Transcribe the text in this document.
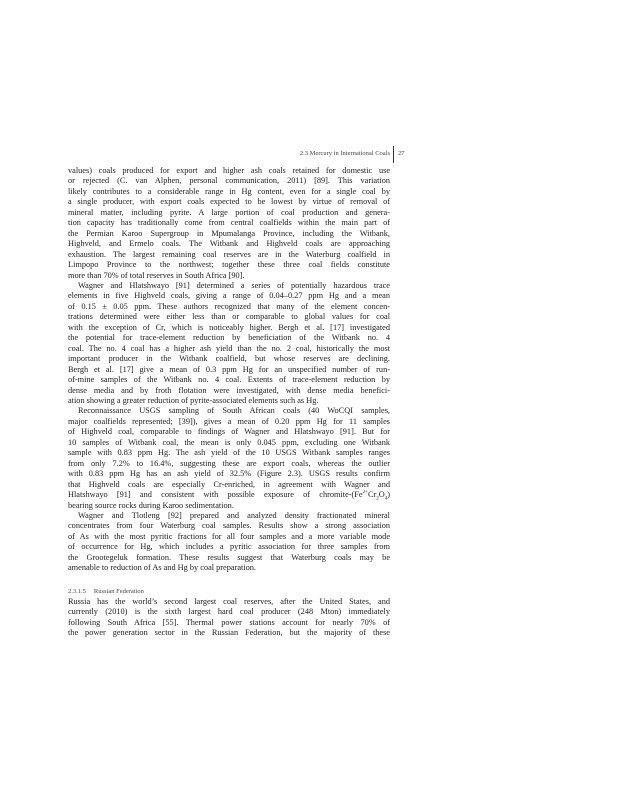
2.3 Mercury in International Coals 27

values) coals produced for export and higher ash coals retained for domestic use

or rejected (C. van Alphen, personal communication, 2011) [89]. This variation

likely contributes to a considerable range in Hg content, even for a single coal by

a single producer, with export coals expected to be lowest by virtue of removal of

mineral matter, including pyrite. A large portion of coal production and genera-

tion capacity has traditionally come from central coalfields within the main part of

the Permian Karoo Supergroup in Mpumalanga Province, including the Witbank,

Highveld, and Ermelo coals. The Witbank and Highveld coals are approaching

exhaustion. The largest remaining coal reserves are in the Waterburg coalfield in

Limpopo Province to the northwest; together these three coal fields constitute

more than 70% of total reserves in South Africa [90].

Wagner and Hlatshwayo [91] determined a series of potentially hazardous trace

elements in five Highveld coals, giving a range of 0.04–0.27 ppm Hg and a mean

of 0.15 ± 0.05 ppm. These authors recognized that many of the element concen-

trations determined were either less than or comparable to global values for coal

with the exception of Cr, which is noticeably higher. Bergh et al. [17] investigated

the potential for trace-element reduction by beneficiation of the Witbank no. 4

coal. The no. 4 coal has a higher ash yield than the no. 2 coal, historically the most

important producer in the Witbank coalfield, but whose reserves are declining.

Bergh et al. [17] give a mean of 0.3 ppm Hg for an unspecified number of run-

of-mine samples of the Witbank no. 4 coal. Extents of trace-element reduction by

dense media and by froth flotation were investigated, with dense media benefici-

ation showing a greater reduction of pyrite-associated elements such as Hg.

Reconnaissance USGS sampling of South African coals (40 WoCQI samples,

major coalfields represented; [39]), gives a mean of 0.20 ppm Hg for 11 samples

of Highveld coal, comparable to findings of Wagner and Hlatshwayo [91]. But for

10 samples of Witbank coal, the mean is only 0.045 ppm, excluding one Witbank

sample with 0.83 ppm Hg. The ash yield of the 10 USGS Witbank samples ranges

from only 7.2% to 16.4%, suggesting these are export coals, whereas the outlier

with 0.83 ppm Hg has an ash yield of 32.5% (Figure 2.3). USGS results confirm

that Highveld coals are especially Cr-enriched, in agreement with Wagner and

Hlatshwayo [91] and consistent with possible exposure of chromite-$(Fe^{2+}Cr_2O_4)$

bearing source rocks during Karoo sedimentation.

Wagner and Tlotleng [92] prepared and analyzed density fractionated mineral

concentrates from four Waterburg coal samples. Results show a strong association

of As with the most pyritic fractions for all four samples and a more variable mode

of occurrence for Hg, which includes a pyritic association for three samples from

the Grootegeluk formation. These results suggest that Waterburg coals may be

amenable to reduction of As and Hg by coal preparation.

2.3.1.5 Russian Federation

Russia has the world’s second largest coal reserves, after the United States, and

currently (2010) is the sixth largest hard coal producer (248 Mton) immediately

following South Africa [55]. Thermal power stations account for nearly 70% of

the power generation sector in the Russian Federation, but the majority of these
